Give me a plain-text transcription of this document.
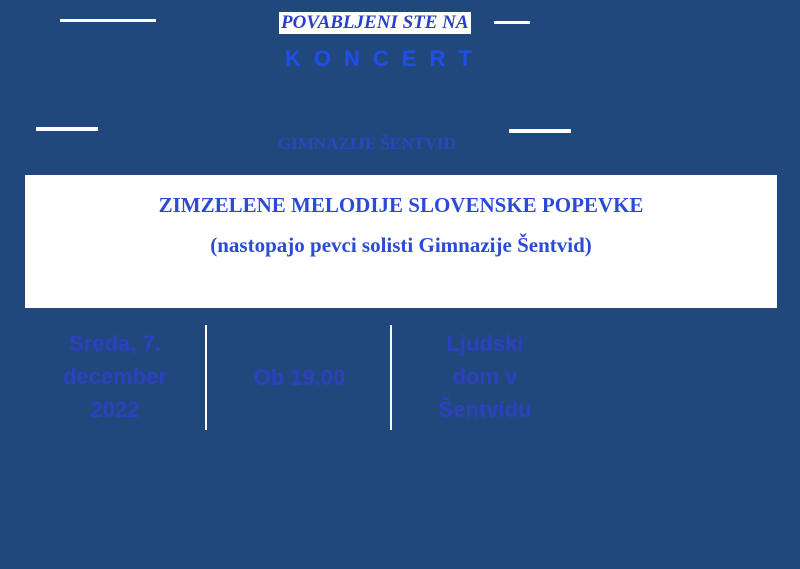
POVABLJENI STE NA
KONCERT
GIMNAZIJE ŠENTVID
ZIMZELENE MELODIJE SLOVENSKE POPEVKE
(nastopajo pevci solisti Gimnazije Šentvid)
Sreda, 7.
december
2022
Ob 19.00
Ljudski
dom v
Šentvidu
